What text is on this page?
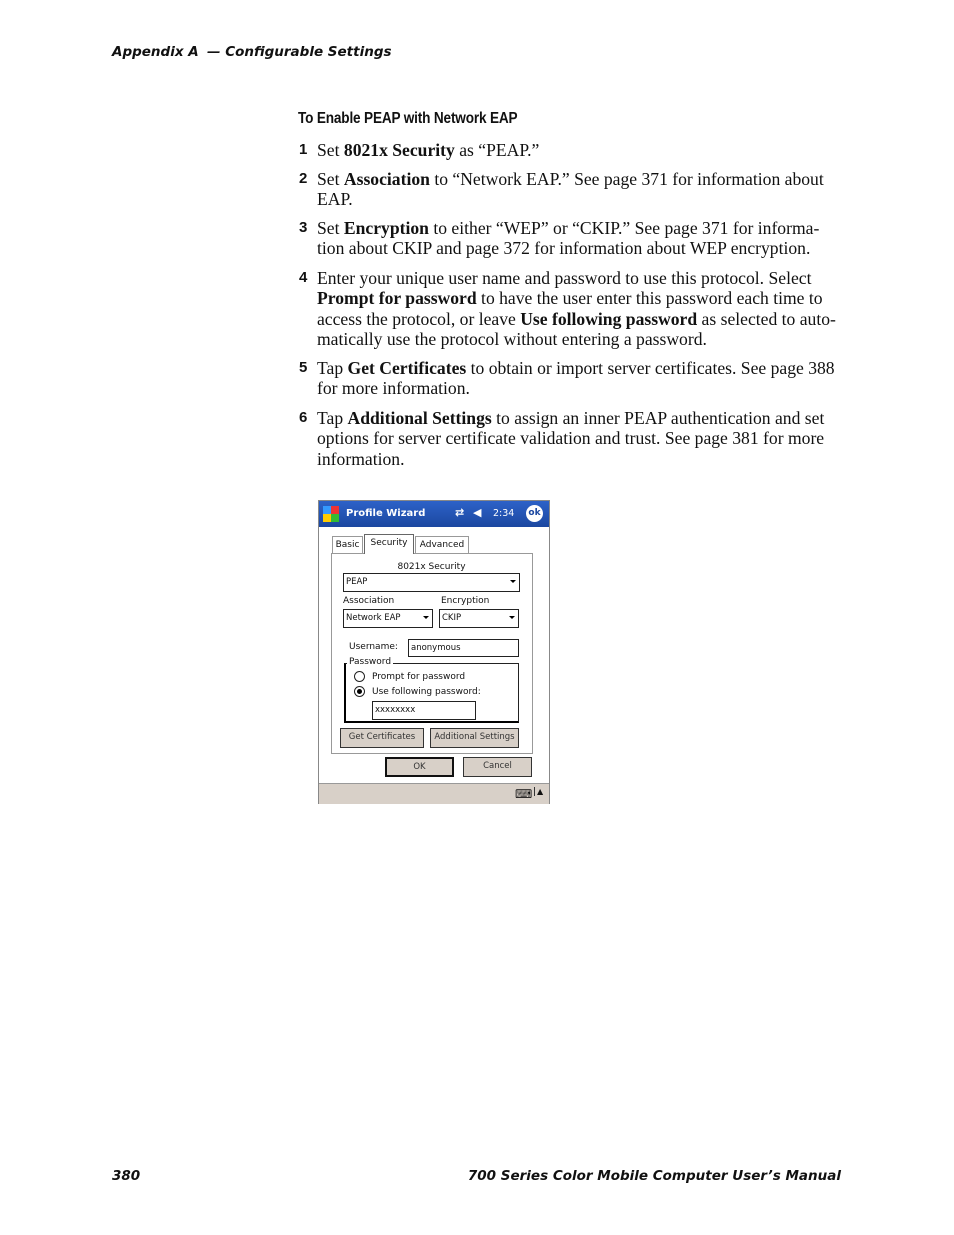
Appendix A — Configurable Settings
To Enable PEAP with Network EAP
1 Set 8021x Security as “PEAP.”
2 Set Association to “Network EAP.” See page 371 for information about EAP.
3 Set Encryption to either “WEP” or “CKIP.” See page 371 for informa-tion about CKIP and page 372 for information about WEP encryption.
4 Enter your unique user name and password to use this protocol. Select Prompt for password to have the user enter this password each time to access the protocol, or leave Use following password as selected to auto-matically use the protocol without entering a password.
5 Tap Get Certificates to obtain or import server certificates. See page 388 for more information.
6 Tap Additional Settings to assign an inner PEAP authentication and set options for server certificate validation and trust. See page 381 for more information.
Profile Wizard	⇄ ◀ 2:34 ok
Basic	Security	Advanced
8021x Security
PEAP
Association	Encryption
Network EAP	CKIP
Username:	anonymous
Password
Prompt for password
Use following password:
xxxxxxxx
Get Certificates	Additional Settings
OK	Cancel
⌨ ▲
380	700 Series Color Mobile Computer User’s Manual
